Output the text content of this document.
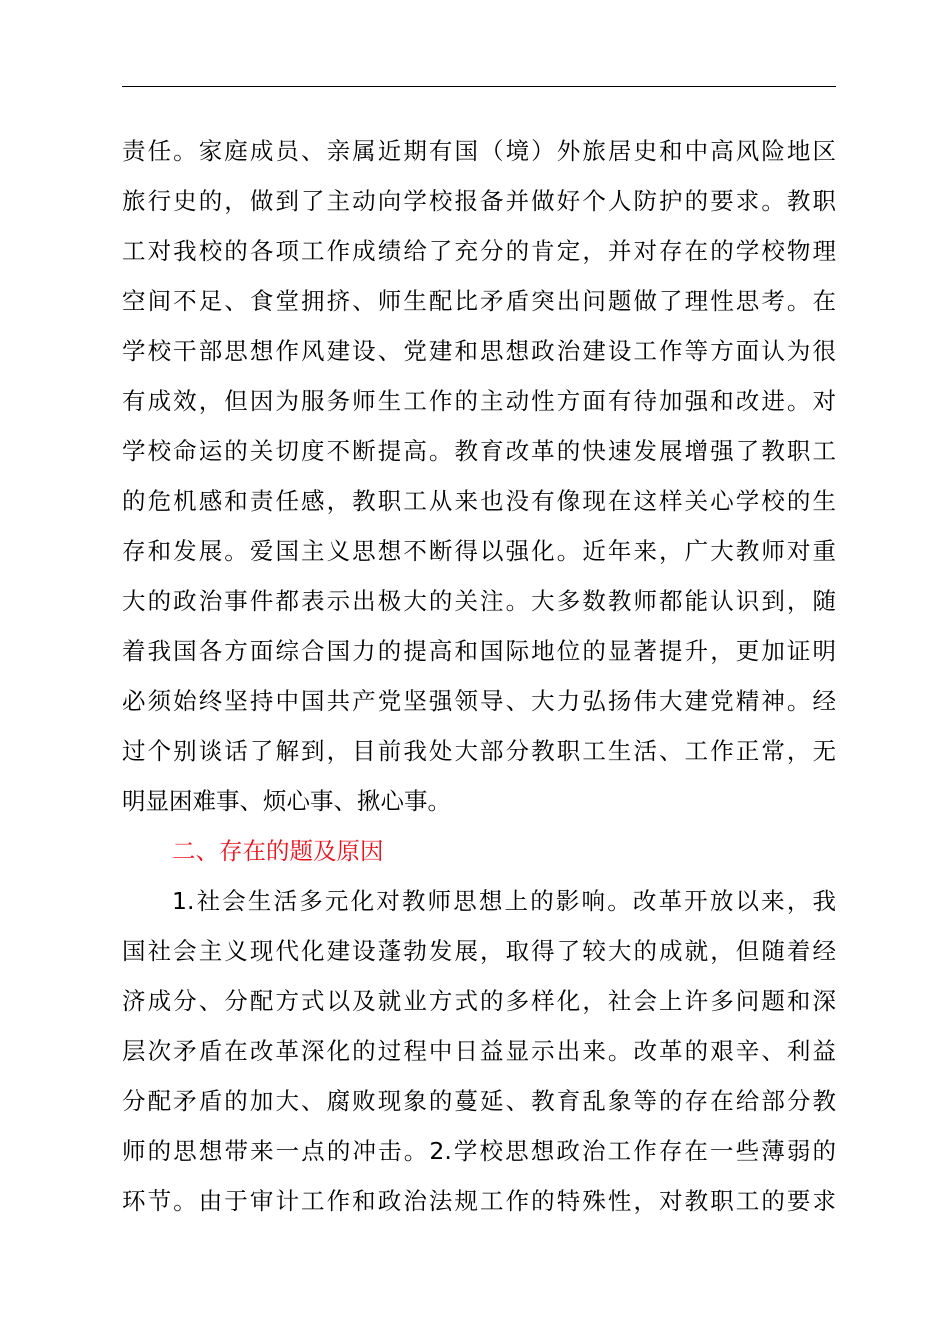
责任。家庭成员、亲属近期有国（境）外旅居史和中高风险地区
旅行史的，做到了主动向学校报备并做好个人防护的要求。教职
工对我校的各项工作成绩给了充分的肯定，并对存在的学校物理
空间不足、食堂拥挤、师生配比矛盾突出问题做了理性思考。在
学校干部思想作风建设、党建和思想政治建设工作等方面认为很
有成效，但因为服务师生工作的主动性方面有待加强和改进。对
学校命运的关切度不断提高。教育改革的快速发展增强了教职工
的危机感和责任感，教职工从来也没有像现在这样关心学校的生
存和发展。爱国主义思想不断得以强化。近年来，广大教师对重
大的政治事件都表示出极大的关注。大多数教师都能认识到，随
着我国各方面综合国力的提高和国际地位的显著提升，更加证明
必须始终坚持中国共产党坚强领导、大力弘扬伟大建党精神。经
过个别谈话了解到，目前我处大部分教职工生活、工作正常，无
明显困难事、烦心事、揪心事。
二、存在的题及原因
1.社会生活多元化对教师思想上的影响。改革开放以来，我
国社会主义现代化建设蓬勃发展，取得了较大的成就，但随着经
济成分、分配方式以及就业方式的多样化，社会上许多问题和深
层次矛盾在改革深化的过程中日益显示出来。改革的艰辛、利益
分配矛盾的加大、腐败现象的蔓延、教育乱象等的存在给部分教
师的思想带来一点的冲击。2.学校思想政治工作存在一些薄弱的
环节。由于审计工作和政治法规工作的特殊性，对教职工的要求
